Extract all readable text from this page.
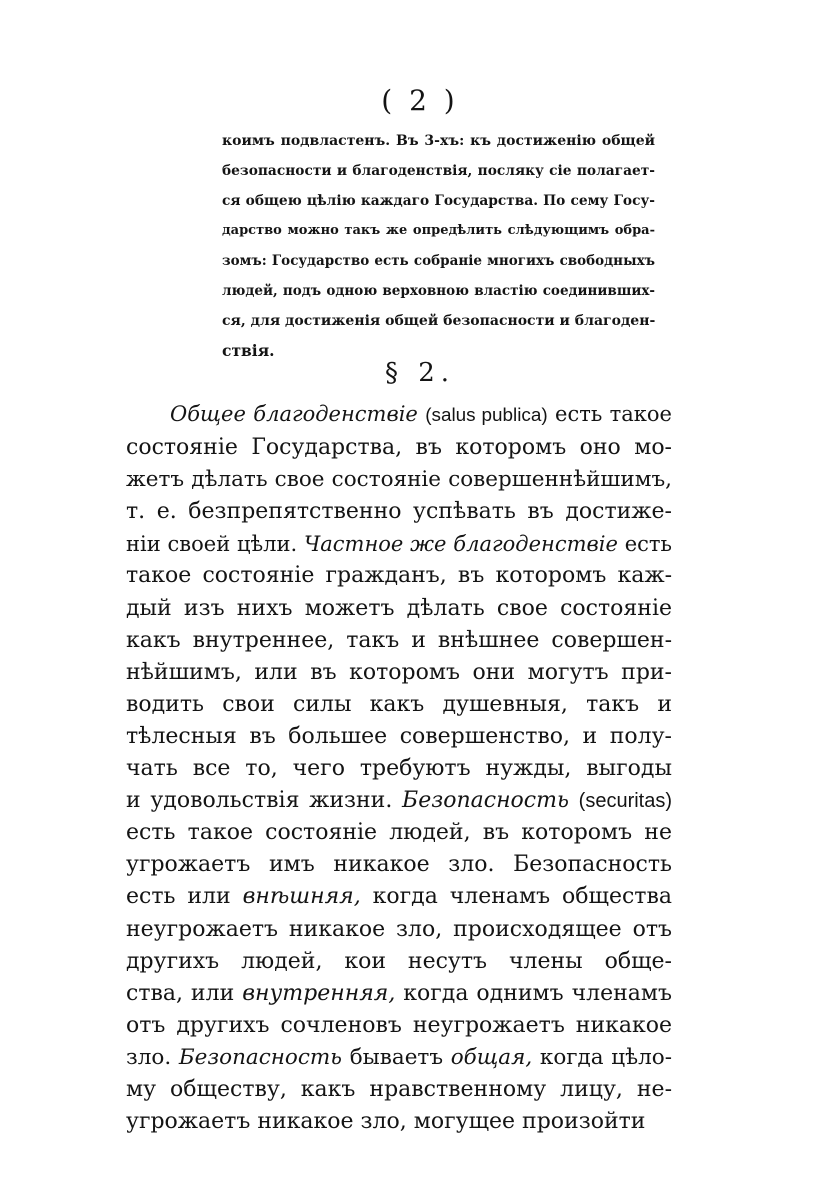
( 2 )
коимъ подвластенъ. Въ 3-хъ: къ достиженію общей
безопасности и благоденствія, посляку сіе полагает-
ся общею цѣлію каждаго Государства. По сему Госу-
дарство можно такъ же опредѣлить слѣдующимъ обра-
зомъ: Государство есть собраніе многихъ свободныхъ
людей, подъ одною верховною властію соединивших-
ся, для достиженія общей безопасности и благоден-
ствія.
§ 2.
Общее благоденствіе (salus publica) есть такое
состояніе Государства, въ которомъ оно мо-
жетъ дѣлать свое состояніе совершеннѣйшимъ,
т. е. безпрепятственно успѣвать въ достиже-
ніи своей цѣли. Частное же благоденствіе есть
такое состояніе гражданъ, въ которомъ каж-
дый изъ нихъ можетъ дѣлать свое состояніе
какъ внутреннее, такъ и внѣшнее совершен-
нѣйшимъ, или въ которомъ они могутъ при-
водить свои силы какъ душевныя, такъ и
тѣлесныя въ большее совершенство, и полу-
чать все то, чего требуютъ нужды, выгоды
и удовольствія жизни. Безопасность (securitas)
есть такое состояніе людей, въ которомъ не
угрожаетъ имъ никакое зло. Безопасность
есть или внѣшняя, когда членамъ общества
неугрожаетъ никакое зло, происходящее отъ
другихъ людей, кои несутъ члены обще-
ства, или внутренняя, когда однимъ членамъ
отъ другихъ сочленовъ неугрожаетъ никакое
зло. Безопасность бываетъ общая, когда цѣло-
му обществу, какъ нравственному лицу, не-
угрожаетъ никакое зло, могущее произойти
